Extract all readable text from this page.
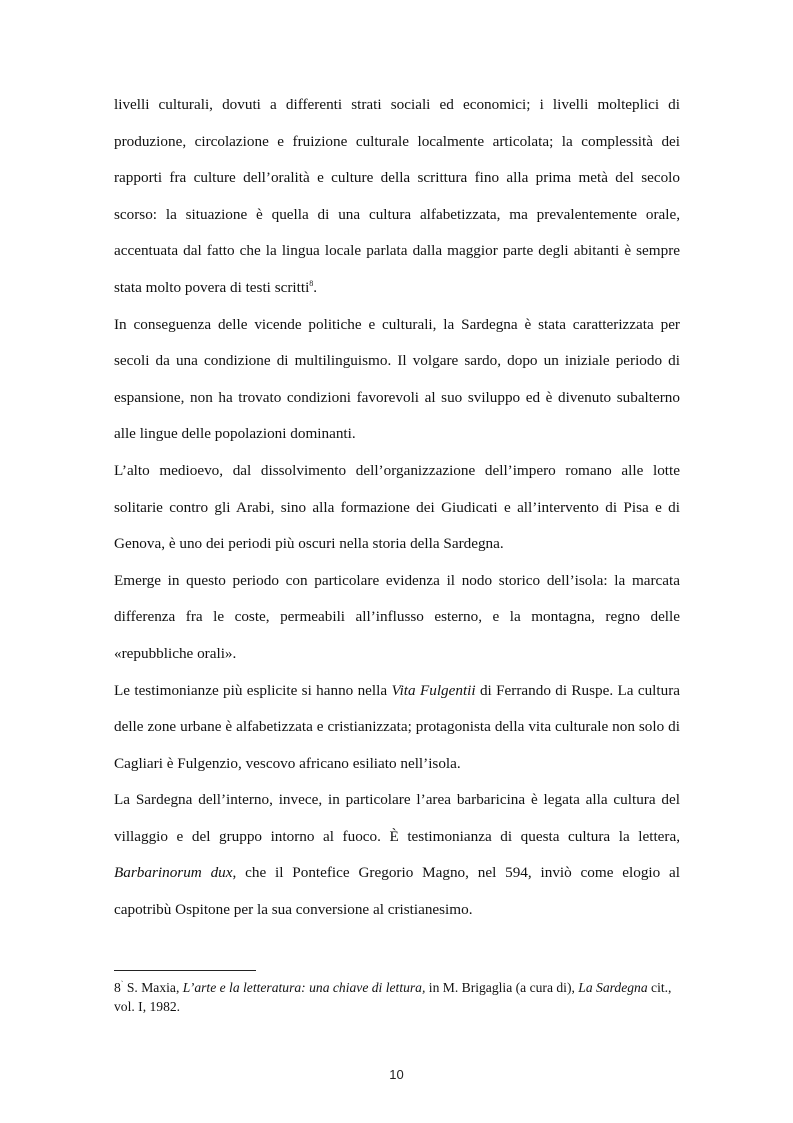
livelli culturali, dovuti a differenti strati sociali ed economici; i livelli molteplici di produzione, circolazione e fruizione culturale localmente articolata; la complessità dei rapporti fra culture dell’oralità e culture della scrittura fino alla prima metà del secolo scorso: la situazione è quella di una cultura alfabetizzata, ma prevalentemente orale, accentuata dal fatto che la lingua locale parlata dalla maggior parte degli abitanti è sempre stata molto povera di testi scritti$^8$.

In conseguenza delle vicende politiche e culturali, la Sardegna è stata caratterizzata per secoli da una condizione di multilinguismo. Il volgare sardo, dopo un iniziale periodo di espansione, non ha trovato condizioni favorevoli al suo sviluppo ed è divenuto subalterno alle lingue delle popolazioni dominanti.

L’alto medioevo, dal dissolvimento dell’organizzazione dell’impero romano alle lotte solitarie contro gli Arabi, sino alla formazione dei Giudicati e all’intervento di Pisa e di Genova, è uno dei periodi più oscuri nella storia della Sardegna.

Emerge in questo periodo con particolare evidenza il nodo storico dell’isola: la marcata differenza fra le coste, permeabili all’influsso esterno, e la montagna, regno delle «repubbliche orali».

Le testimonianze più esplicite si hanno nella Vita Fulgentii di Ferrando di Ruspe. La cultura delle zone urbane è alfabetizzata e cristianizzata; protagonista della vita culturale non solo di Cagliari è Fulgenzio, vescovo africano esiliato nell’isola.

La Sardegna dell’interno, invece, in particolare l’area barbaricina è legata alla cultura del villaggio e del gruppo intorno al fuoco. È testimonianza di questa cultura la lettera, Barbarinorum dux, che il Pontefice Gregorio Magno, nel 594, inviò come elogio al capotribù Ospitone per la sua conversione al cristianesimo.

8` S. Maxia, L’arte e la letteratura: una chiave di lettura, in M. Brigaglia (a cura di), La Sardegna cit., vol. I, 1982.
10
